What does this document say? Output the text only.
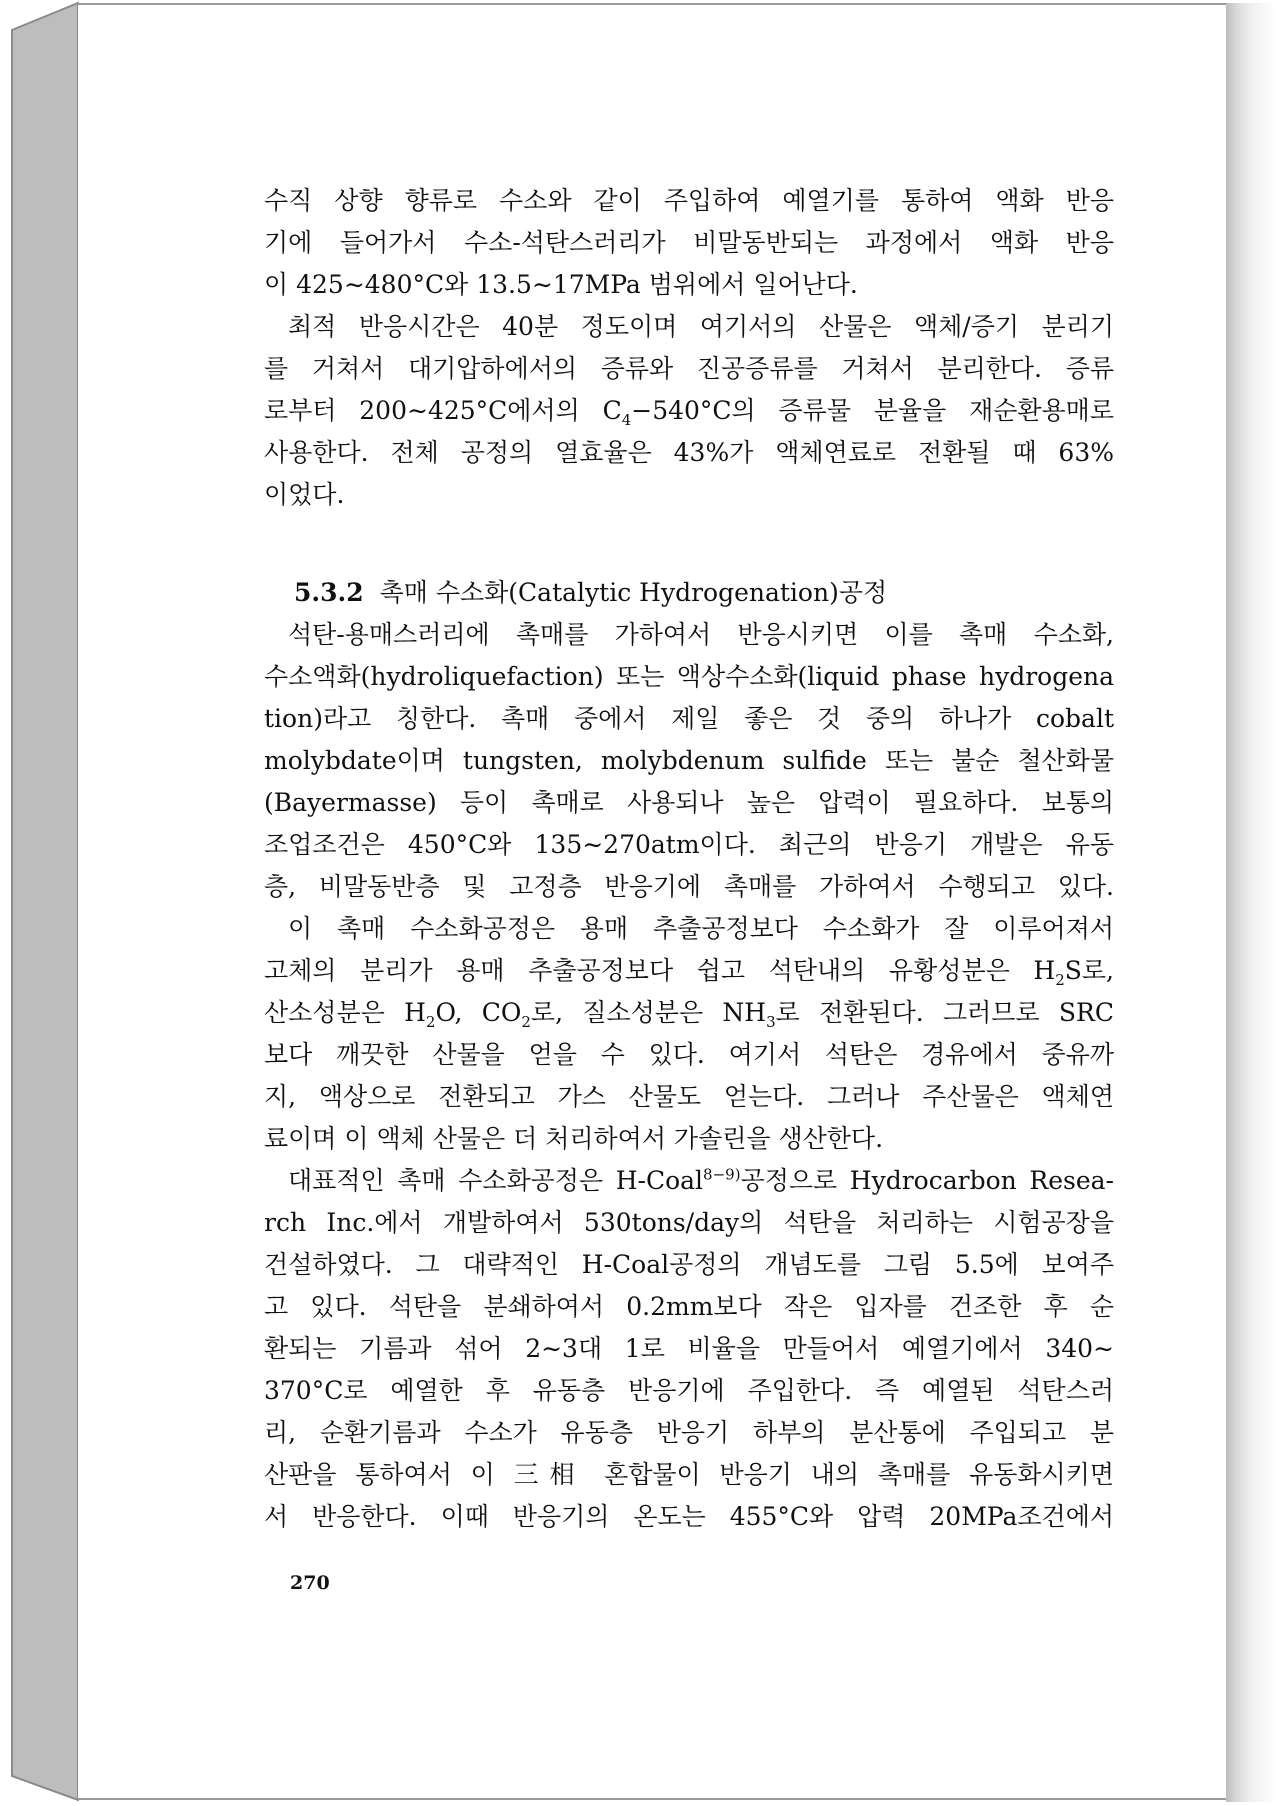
수직 상향 향류로 수소와 같이 주입하여 예열기를 통하여 액화 반응

기에 들어가서 수소-석탄스러리가 비말동반되는 과정에서 액화 반응

이 425∼480°C와 13.5∼17MPa 범위에서 일어난다.

최적 반응시간은 40분 정도이며 여기서의 산물은 액체/증기 분리기

를 거쳐서 대기압하에서의 증류와 진공증류를 거쳐서 분리한다. 증류

로부터 200∼425°C에서의 $C_4-540^\circ C$의 증류물 분율을 재순환용매로

사용한다. 전체 공정의 열효율은 43%가 액체연료로 전환될 때 63%

이었다.

5.3.2 촉매 수소화(Catalytic Hydrogenation)공정

석탄-용매스러리에 촉매를 가하여서 반응시키면 이를 촉매 수소화,

수소액화(hydroliquefaction) 또는 액상수소화(liquid phase hydrogena

tion)라고 칭한다. 촉매 중에서 제일 좋은 것 중의 하나가 cobalt

molybdate이며 tungsten, molybdenum sulfide 또는 불순 철산화물

(Bayermasse) 등이 촉매로 사용되나 높은 압력이 필요하다. 보통의

조업조건은 450°C와 135∼270atm이다. 최근의 반응기 개발은 유동

층, 비말동반층 및 고정층 반응기에 촉매를 가하여서 수행되고 있다.

이 촉매 수소화공정은 용매 추출공정보다 수소화가 잘 이루어져서

고체의 분리가 용매 추출공정보다 쉽고 석탄내의 유황성분은 $H_2S$로,

산소성분은 $H_2O$, $CO_2$로, 질소성분은 $NH_3$로 전환된다. 그러므로 SRC

보다 깨끗한 산물을 얻을 수 있다. 여기서 석탄은 경유에서 중유까

지, 액상으로 전환되고 가스 산물도 얻는다. 그러나 주산물은 액체연

료이며 이 액체 산물은 더 처리하여서 가솔린을 생산한다.

대표적인 촉매 수소화공정은 H-Coal$^{8-9)}$공정으로 Hydrocarbon Resea-

rch Inc.에서 개발하여서 530tons/day의 석탄을 처리하는 시험공장을

건설하였다. 그 대략적인 H-Coal공정의 개념도를 그림 5.5에 보여주

고 있다. 석탄을 분쇄하여서 0.2mm보다 작은 입자를 건조한 후 순

환되는 기름과 섞어 2∼3대 1로 비율을 만들어서 예열기에서 340∼

370°C로 예열한 후 유동층 반응기에 주입한다. 즉 예열된 석탄스러

리, 순환기름과 수소가 유동층 반응기 하부의 분산통에 주입되고 분

산판을 통하여서 이 三相 혼합물이 반응기 내의 촉매를 유동화시키면

서 반응한다. 이때 반응기의 온도는 455°C와 압력 20MPa조건에서

270
